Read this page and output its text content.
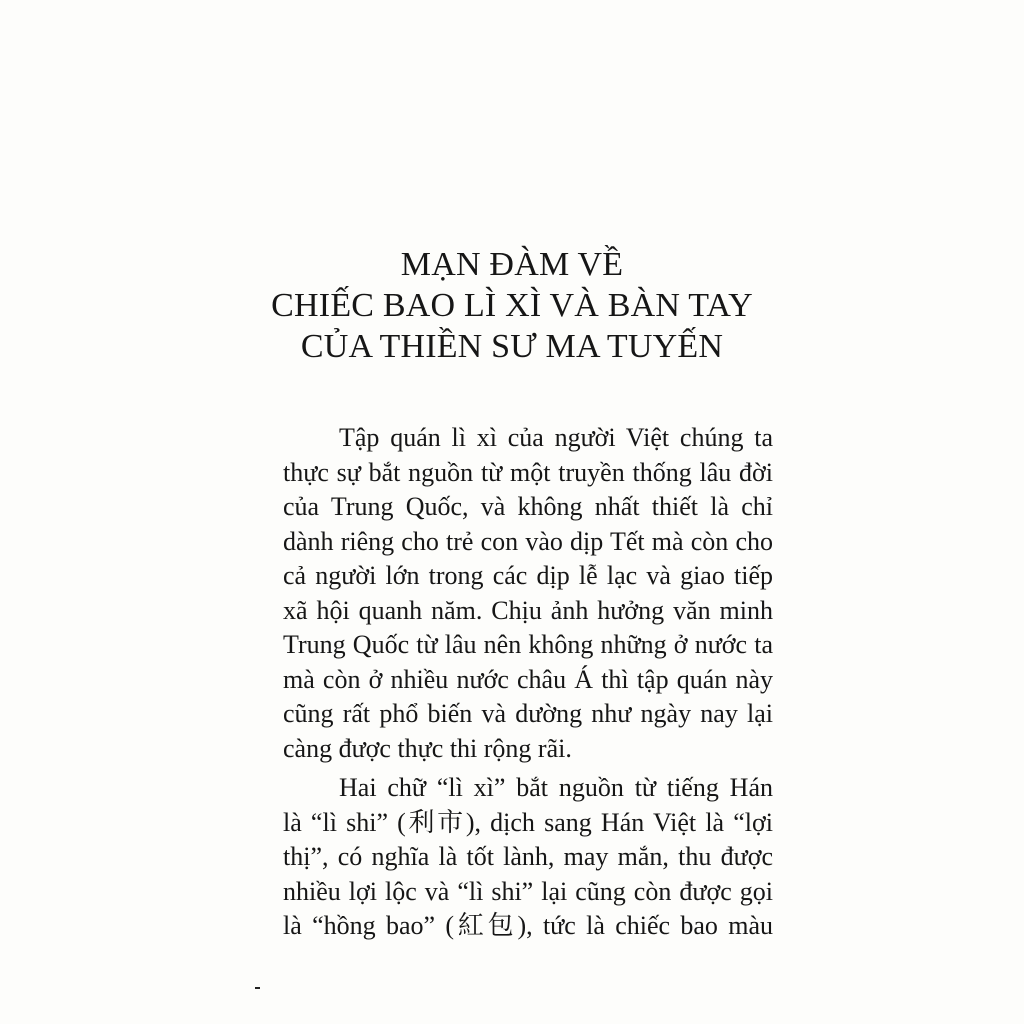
MẠN ĐÀM VỀ
CHIẾC BAO LÌ XÌ VÀ BÀN TAY
CỦA THIỀN SƯ MA TUYẾN
Tập quán lì xì của người Việt chúng ta
thực sự bắt nguồn từ một truyền thống lâu đời
của Trung Quốc, và không nhất thiết là chỉ
dành riêng cho trẻ con vào dịp Tết mà còn cho
cả người lớn trong các dịp lễ lạc và giao tiếp
xã hội quanh năm. Chịu ảnh hưởng văn minh
Trung Quốc từ lâu nên không những ở nước ta
mà còn ở nhiều nước châu Á thì tập quán này
cũng rất phổ biến và dường như ngày nay lại
càng được thực thi rộng rãi.
Hai chữ “lì xì” bắt nguồn từ tiếng Hán
là “lì shi” (利市), dịch sang Hán Việt là “lợi
thị”, có nghĩa là tốt lành, may mắn, thu được
nhiều lợi lộc và “lì shi” lại cũng còn được gọi
là “hồng bao” (紅包), tức là chiếc bao màu
